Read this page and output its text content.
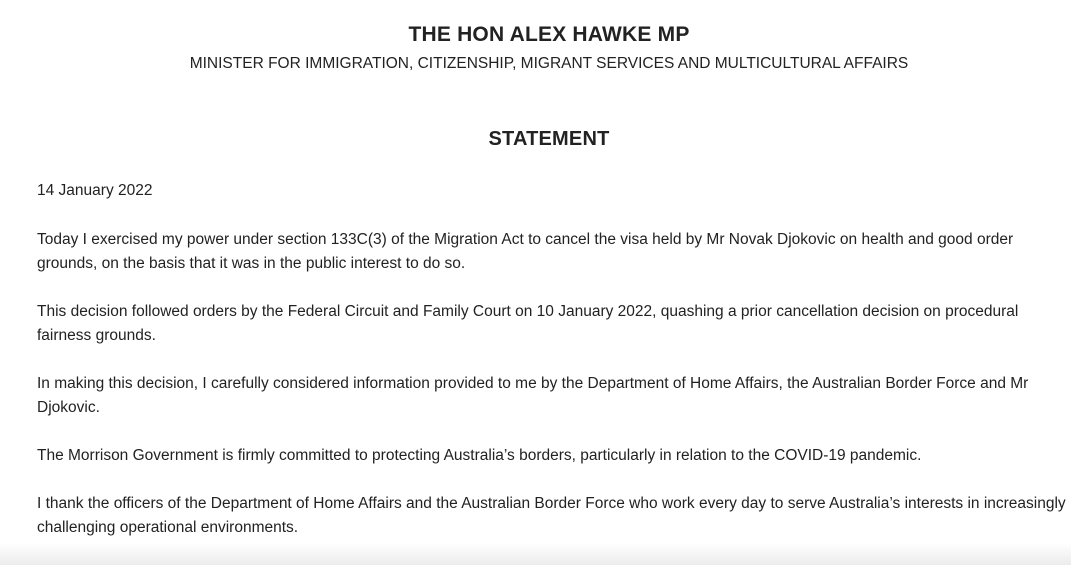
THE HON ALEX HAWKE MP
MINISTER FOR IMMIGRATION, CITIZENSHIP, MIGRANT SERVICES AND MULTICULTURAL AFFAIRS
STATEMENT

14 January 2022

Today I exercised my power under section 133C(3) of the Migration Act to cancel the visa held by Mr Novak Djokovic on health and good order grounds, on the basis that it was in the public interest to do so.

This decision followed orders by the Federal Circuit and Family Court on 10 January 2022, quashing a prior cancellation decision on procedural fairness grounds.

In making this decision, I carefully considered information provided to me by the Department of Home Affairs, the Australian Border Force and Mr Djokovic.

The Morrison Government is firmly committed to protecting Australia’s borders, particularly in relation to the COVID-19 pandemic.

I thank the officers of the Department of Home Affairs and the Australian Border Force who work every day to serve Australia’s interests in increasingly challenging operational environments.
